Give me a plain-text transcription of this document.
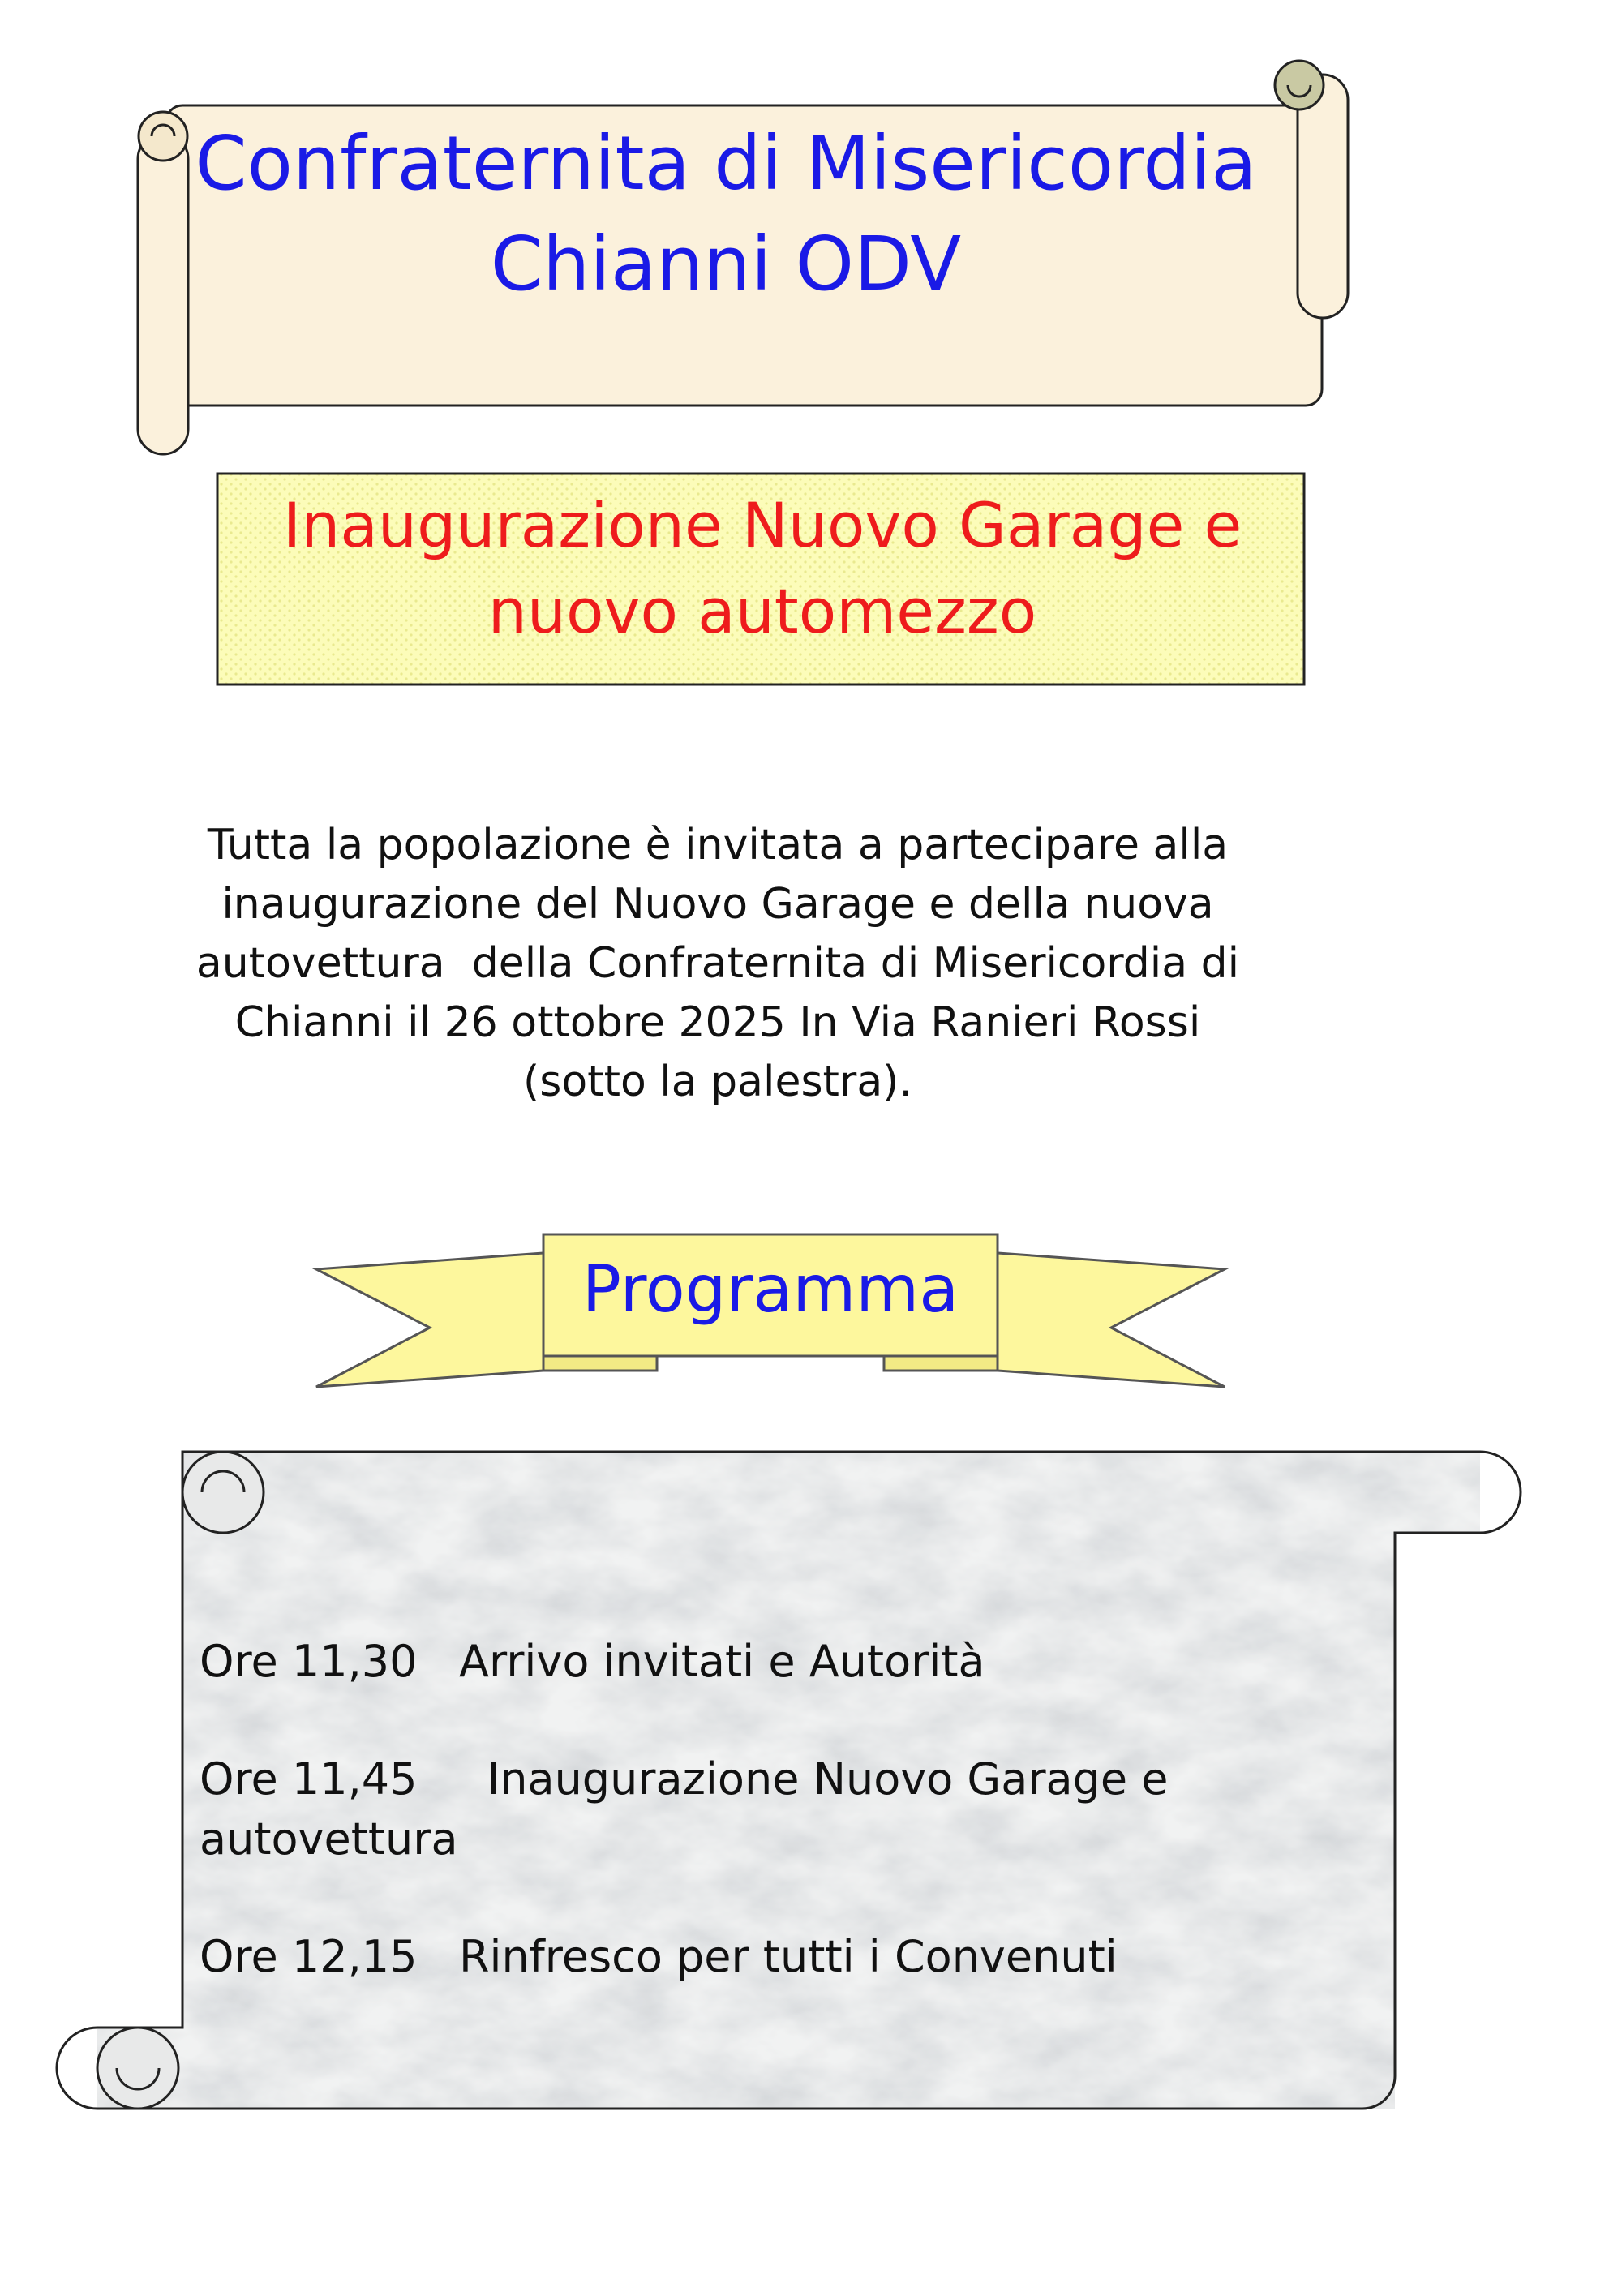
Confraternita di Misericordia
Chianni ODV
Inaugurazione Nuovo Garage e
nuovo automezzo
Tutta la popolazione è invitata a partecipare alla
inaugurazione del Nuovo Garage e della nuova
autovettura  della Confraternita di Misericordia di
Chianni il 26 ottobre 2025 In Via Ranieri Rossi
(sotto la palestra).
Programma
Ore 11,30 Arrivo invitati e Autorità
Ore 11,45 Inaugurazione Nuovo Garage e autovettura
Ore 12,15 Rinfresco per tutti i Convenuti
